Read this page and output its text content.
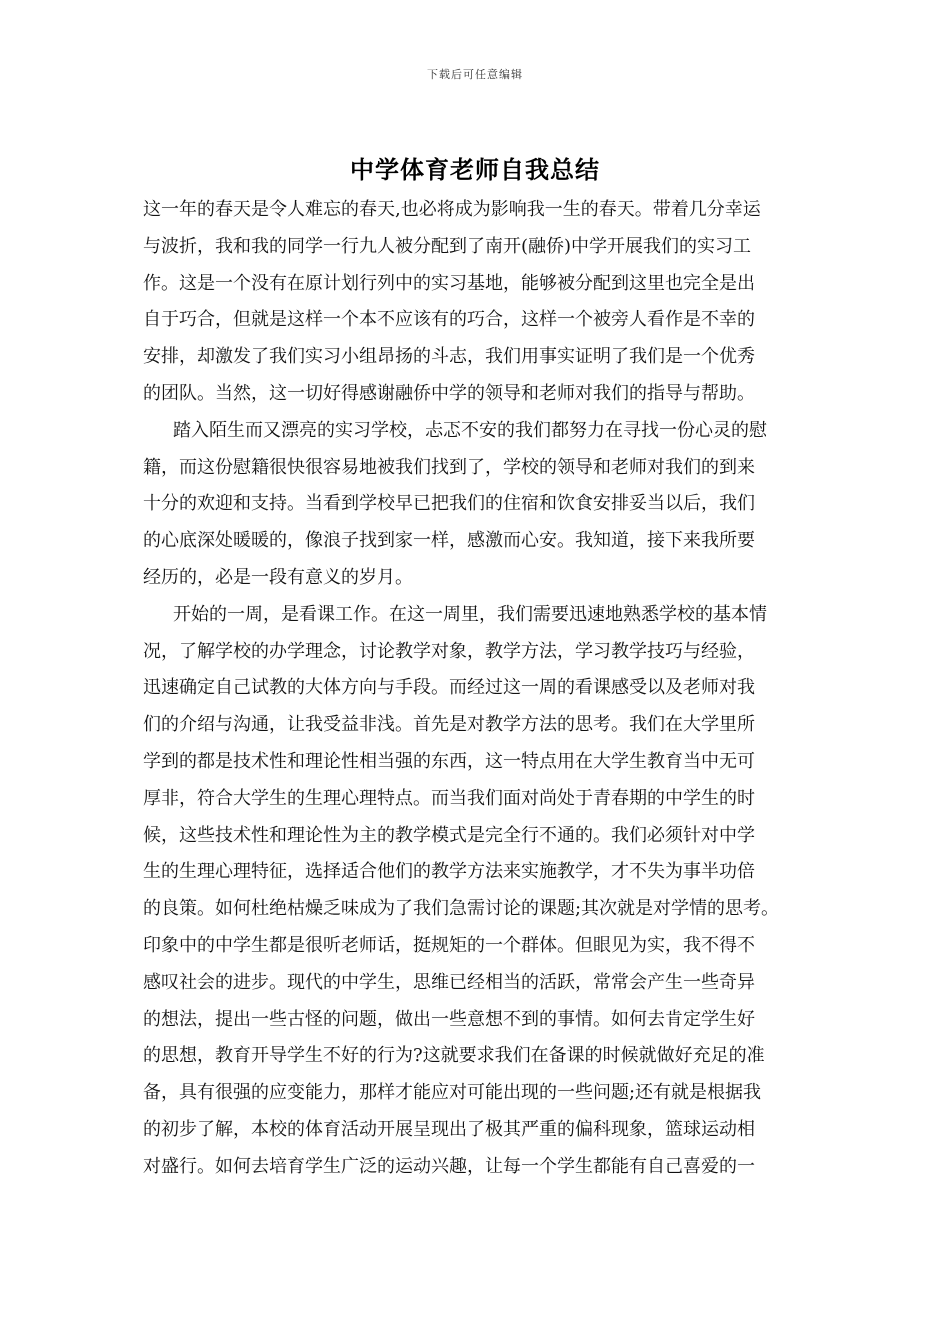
下载后可任意编辑
中学体育老师自我总结
这一年的春天是令人难忘的春天,也必将成为影响我一生的春天。带着几分幸运
与波折，我和我的同学一行九人被分配到了南开(融侨)中学开展我们的实习工
作。这是一个没有在原计划行列中的实习基地，能够被分配到这里也完全是出
自于巧合，但就是这样一个本不应该有的巧合，这样一个被旁人看作是不幸的
安排，却激发了我们实习小组昂扬的斗志，我们用事实证明了我们是一个优秀
的团队。当然，这一切好得感谢融侨中学的领导和老师对我们的指导与帮助。
踏入陌生而又漂亮的实习学校，忐忑不安的我们都努力在寻找一份心灵的慰
籍，而这份慰籍很快很容易地被我们找到了，学校的领导和老师对我们的到来
十分的欢迎和支持。当看到学校早已把我们的住宿和饮食安排妥当以后，我们
的心底深处暖暖的，像浪子找到家一样，感激而心安。我知道，接下来我所要
经历的，必是一段有意义的岁月。
开始的一周，是看课工作。在这一周里，我们需要迅速地熟悉学校的基本情
况，了解学校的办学理念，讨论教学对象，教学方法，学习教学技巧与经验，
迅速确定自己试教的大体方向与手段。而经过这一周的看课感受以及老师对我
们的介绍与沟通，让我受益非浅。首先是对教学方法的思考。我们在大学里所
学到的都是技术性和理论性相当强的东西，这一特点用在大学生教育当中无可
厚非，符合大学生的生理心理特点。而当我们面对尚处于青春期的中学生的时
候，这些技术性和理论性为主的教学模式是完全行不通的。我们必须针对中学
生的生理心理特征，选择适合他们的教学方法来实施教学，才不失为事半功倍
的良策。如何杜绝枯燥乏味成为了我们急需讨论的课题;其次就是对学情的思考。
印象中的中学生都是很听老师话，挺规矩的一个群体。但眼见为实，我不得不
感叹社会的进步。现代的中学生，思维已经相当的活跃，常常会产生一些奇异
的想法，提出一些古怪的问题，做出一些意想不到的事情。如何去肯定学生好
的思想，教育开导学生不好的行为?这就要求我们在备课的时候就做好充足的准
备，具有很强的应变能力，那样才能应对可能出现的一些问题;还有就是根据我
的初步了解，本校的体育活动开展呈现出了极其严重的偏科现象，篮球运动相
对盛行。如何去培育学生广泛的运动兴趣，让每一个学生都能有自己喜爱的一
